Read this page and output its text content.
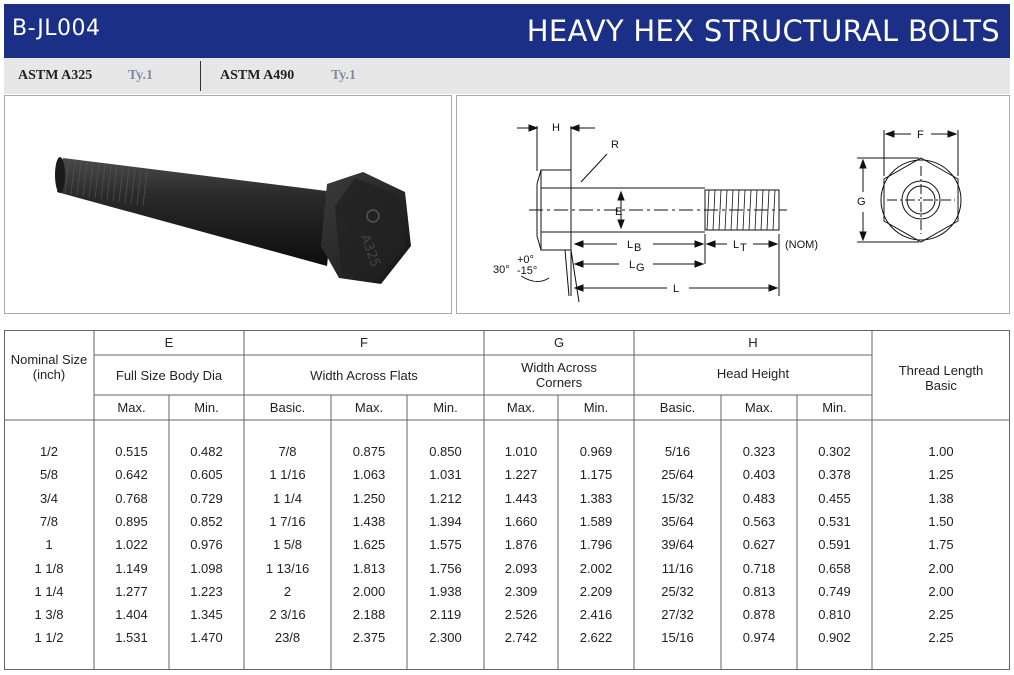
B-JL004	HEAVY HEX STRUCTURAL BOLTS
ASTM A325	Ty.1	ASTM A490	Ty.1
A325
H
R
E
L B	L T	(NOM)
L G
L
30°
+0°
-15°
F
G
Nominal Size (inch)
E	F	G	H
Full Size Body Dia	Width Across Flats
Width Across Corners
Head Height	Thread Length Basic
Max.	Min.	Basic.	Max.	Min.	Max.	Min.	Basic.	Max.	Min.
1/2	0.515	0.482	7/8	0.875	0.850	1.010	0.969	5/16	0.323	0.302	1.00
5/8	0.642	0.605	1 1/16	1.063	1.031	1.227	1.175	25/64	0.403	0.378	1.25
3/4	0.768	0.729	1 1/4	1.250	1.212	1.443	1.383	15/32	0.483	0.455	1.38
7/8	0.895	0.852	1 7/16	1.438	1.394	1.660	1.589	35/64	0.563	0.531	1.50
1	1.022	0.976	1 5/8	1.625	1.575	1.876	1.796	39/64	0.627	0.591	1.75
1 1/8	1.149	1.098	1 13/16	1.813	1.756	2.093	2.002	11/16	0.718	0.658	2.00
1 1/4	1.277	1.223	2	2.000	1.938	2.309	2.209	25/32	0.813	0.749	2.00
1 3/8	1.404	1.345	2 3/16	2.188	2.119	2.526	2.416	27/32	0.878	0.810	2.25
1 1/2	1.531	1.470	23/8	2.375	2.300	2.742	2.622	15/16	0.974	0.902	2.25
